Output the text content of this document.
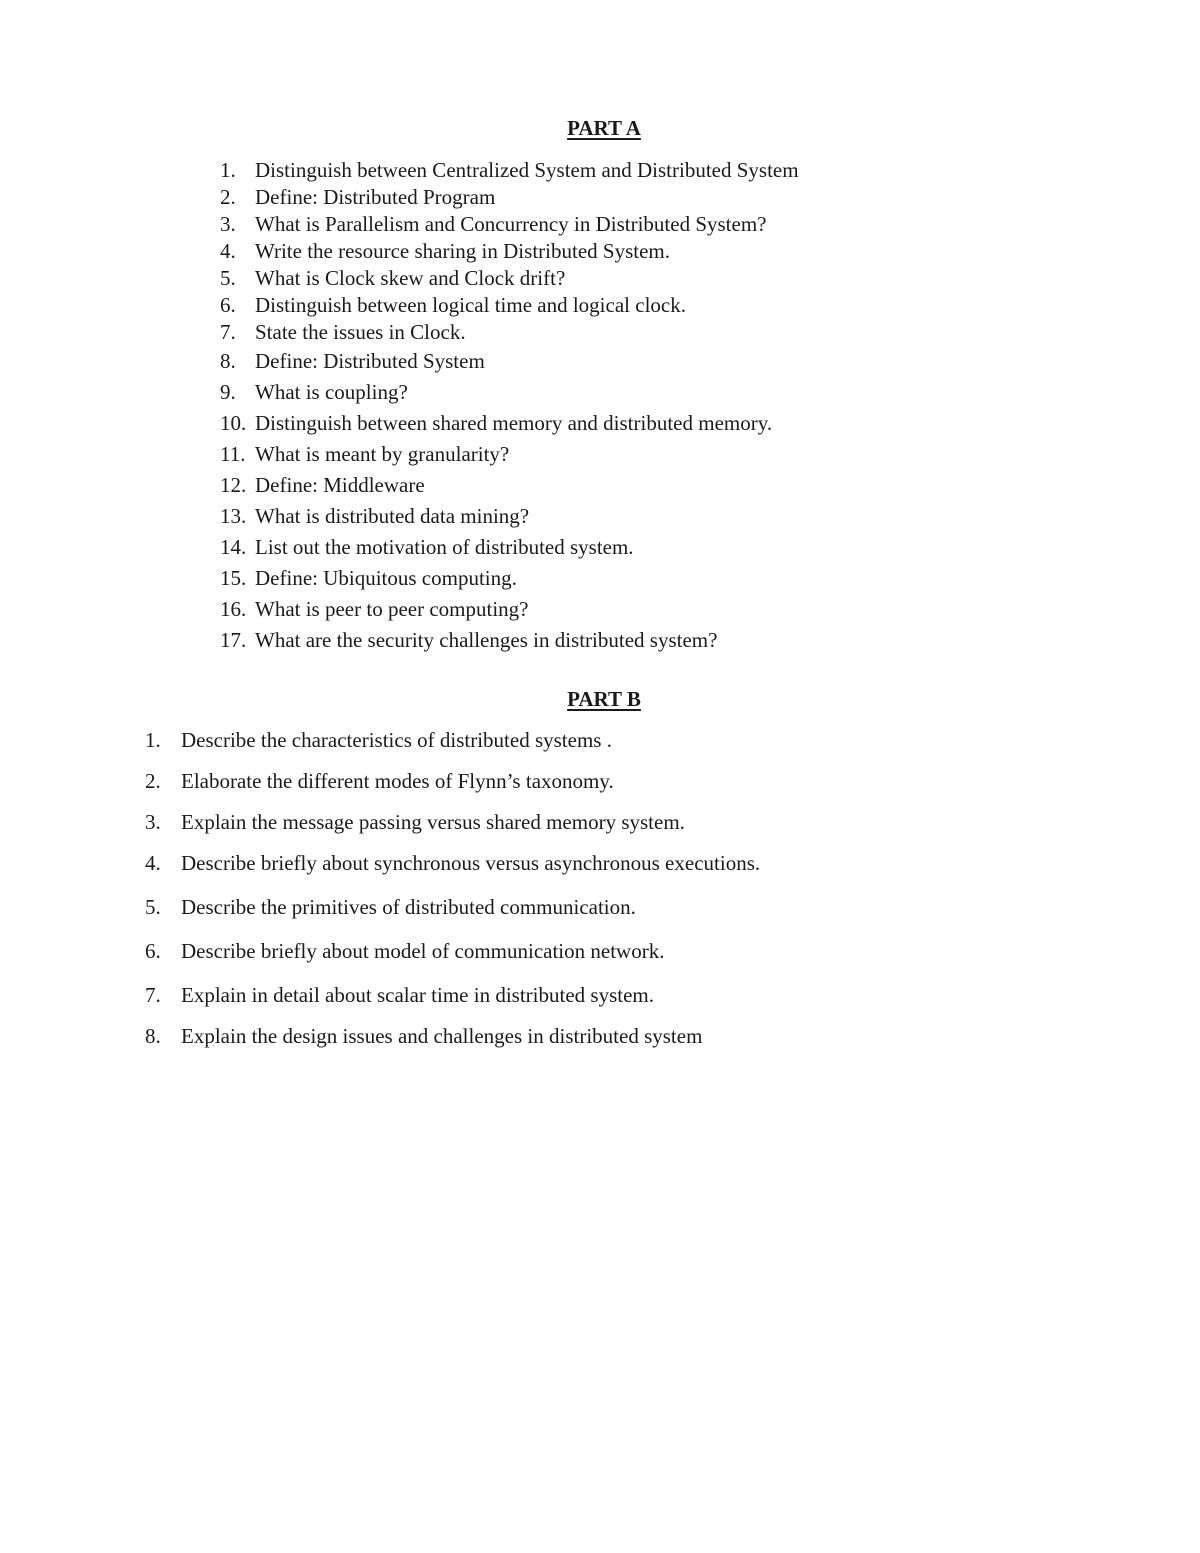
PART A
1. Distinguish between Centralized System and Distributed System
2. Define: Distributed Program
3. What is Parallelism and Concurrency in Distributed System?
4. Write the resource sharing in Distributed System.
5. What is Clock skew and Clock drift?
6. Distinguish between logical time and logical clock.
7. State the issues in Clock.
8. Define: Distributed System
9. What is coupling?
10. Distinguish between shared memory and distributed memory.
11. What is meant by granularity?
12. Define: Middleware
13. What is distributed data mining?
14. List out the motivation of distributed system.
15. Define: Ubiquitous computing.
16. What is peer to peer computing?
17. What are the security challenges in distributed system?
PART B
1. Describe the characteristics of distributed systems .
2. Elaborate the different modes of Flynn’s taxonomy.
3. Explain the message passing versus shared memory system.
4. Describe briefly about synchronous versus asynchronous executions.
5. Describe the primitives of distributed communication.
6. Describe briefly about model of communication network.
7. Explain in detail about scalar time in distributed system.
8. Explain the design issues and challenges in distributed system
